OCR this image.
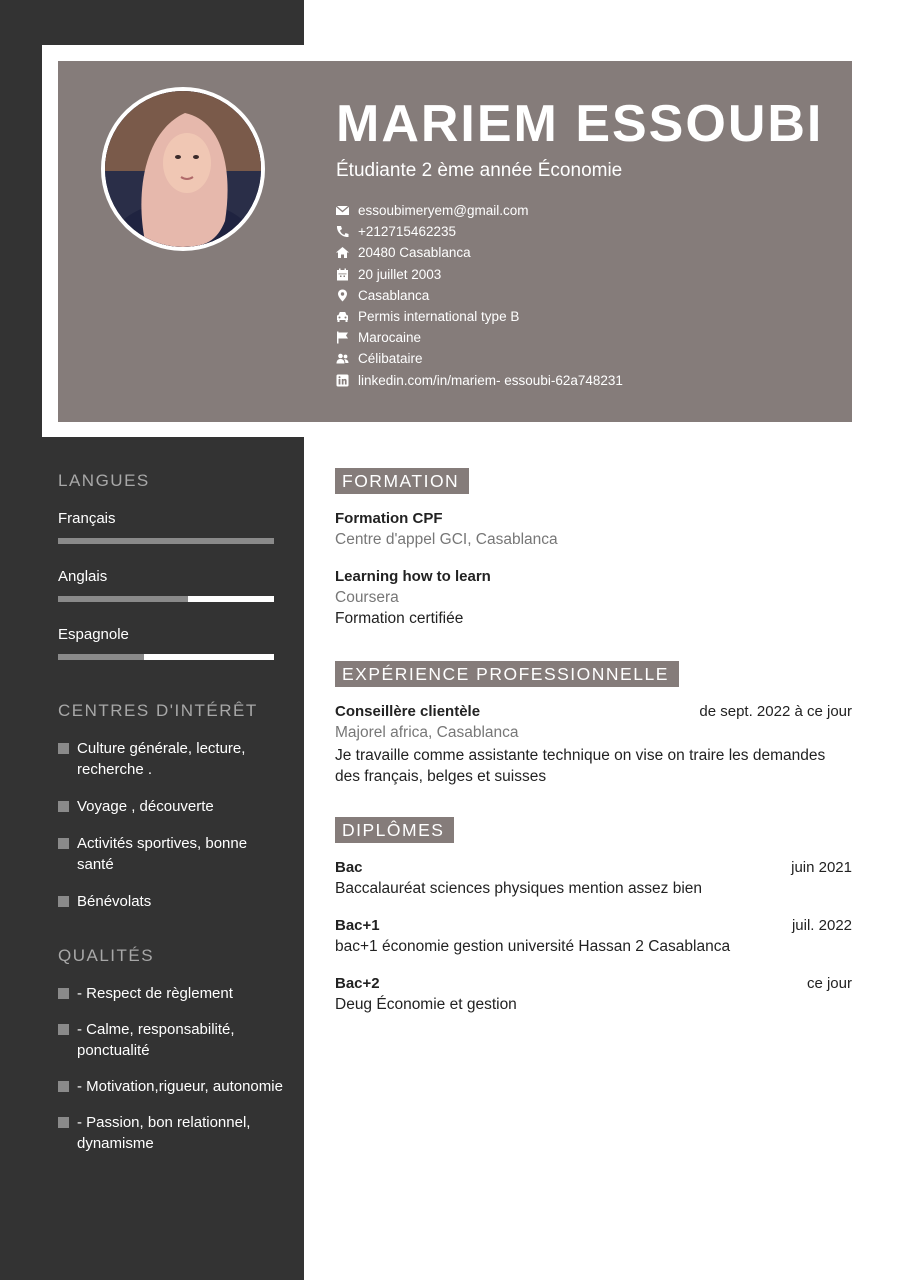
MARIEM ESSOUBI
Étudiante 2 ème année Économie
essoubimeryem@gmail.com
+212715462235
20480 Casablanca
20 juillet 2003
Casablanca
Permis international type B
Marocaine
Célibataire
linkedin.com/in/mariem- essoubi-62a748231
LANGUES
Français
Anglais
Espagnole
CENTRES D'INTÉRÊT
Culture générale, lecture, recherche .
Voyage , découverte
Activités sportives, bonne santé
Bénévolats
QUALITÉS
- Respect de règlement
- Calme, responsabilité, ponctualité
- Motivation,rigueur, autonomie
- Passion, bon relationnel, dynamisme
FORMATION
Formation CPF
Centre d'appel GCI, Casablanca
Learning how to learn
Coursera
Formation certifiée
EXPÉRIENCE PROFESSIONNELLE
Conseillère clientèle	de sept. 2022 à ce jour
Majorel africa, Casablanca
Je travaille comme assistante technique on vise on traire les demandes des français, belges et suisses
DIPLÔMES
Bac	juin 2021
Baccalauréat sciences physiques mention assez bien
Bac+1	juil. 2022
bac+1 économie gestion université Hassan 2 Casablanca
Bac+2	ce jour
Deug Économie et gestion
